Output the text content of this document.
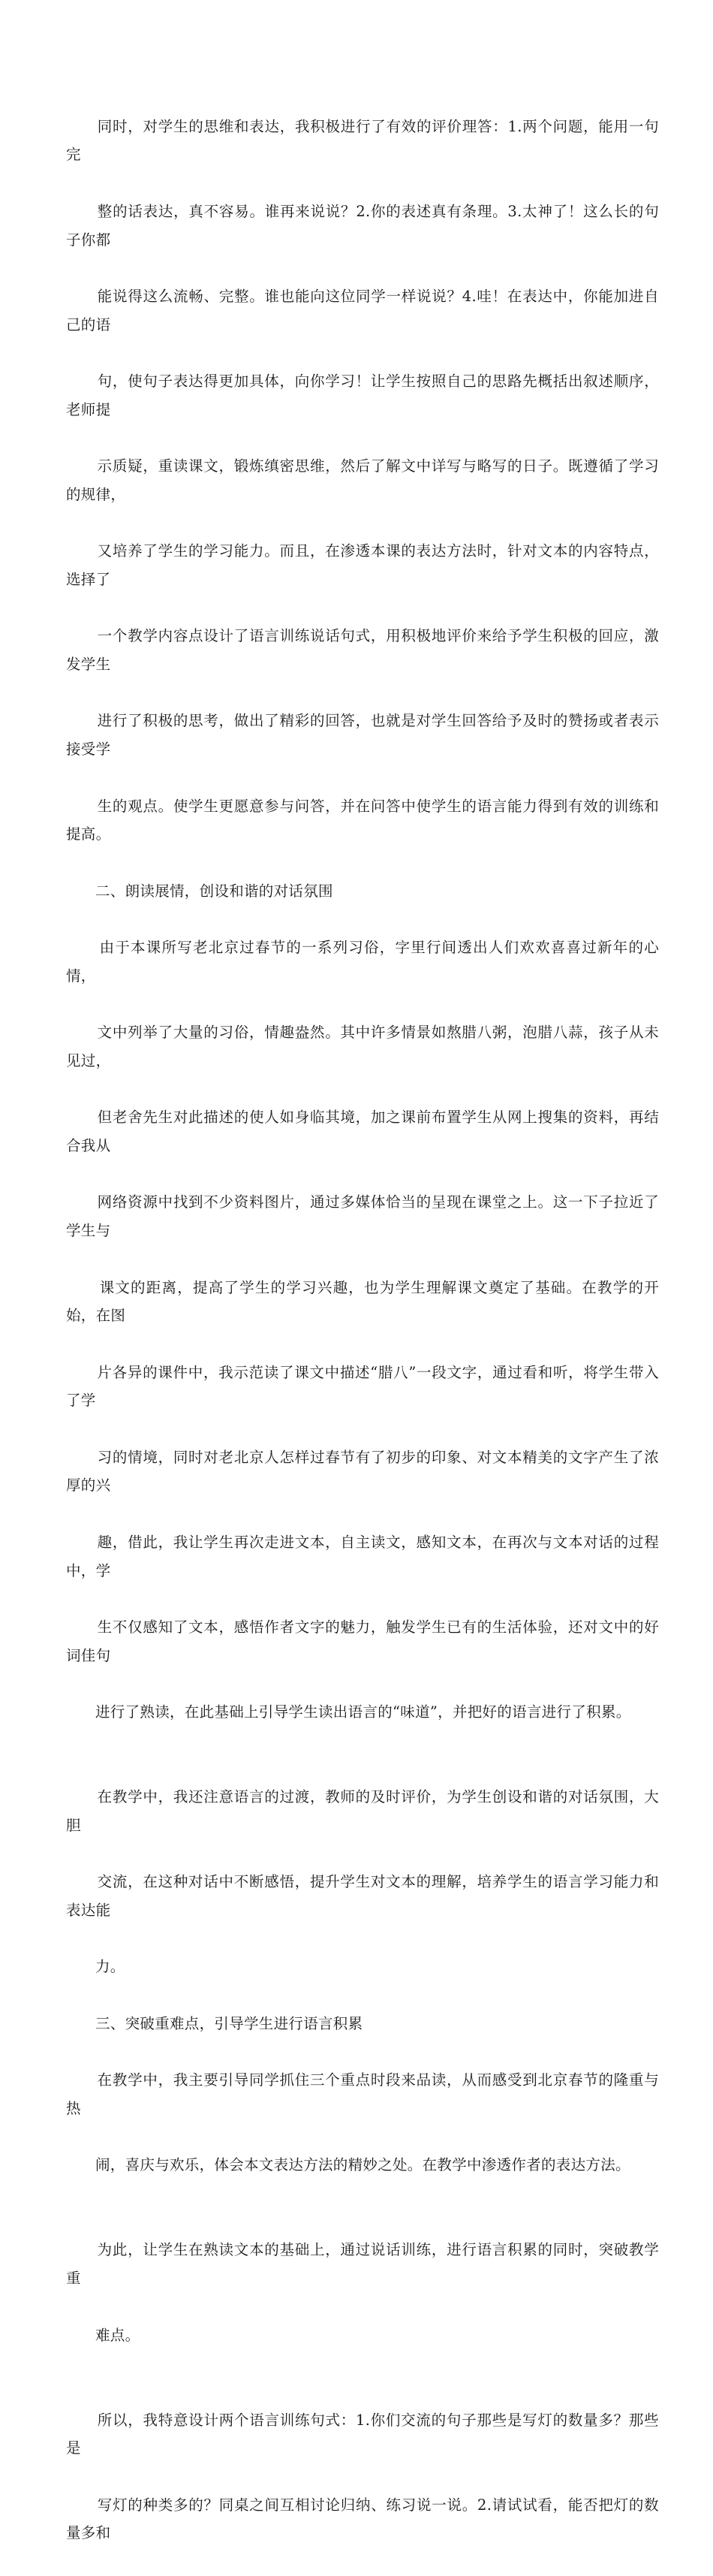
同时，对学生的思维和表达，我积极进行了有效的评价理答：1.两个问题，能用一句完

整的话表达，真不容易。谁再来说说？2.你的表述真有条理。3.太神了！这么长的句子你都

能说得这么流畅、完整。谁也能向这位同学一样说说？4.哇！在表达中，你能加进自己的语

句，使句子表达得更加具体，向你学习！让学生按照自己的思路先概括出叙述顺序，老师提

示质疑，重读课文，锻炼缜密思维，然后了解文中详写与略写的日子。既遵循了学习的规律，

又培养了学生的学习能力。而且，在渗透本课的表达方法时，针对文本的内容特点，选择了

一个教学内容点设计了语言训练说话句式，用积极地评价来给予学生积极的回应，激发学生

进行了积极的思考，做出了精彩的回答，也就是对学生回答给予及时的赞扬或者表示接受学

生的观点。使学生更愿意参与问答，并在问答中使学生的语言能力得到有效的训练和提高。

二、朗读展情，创设和谐的对话氛围

由于本课所写老北京过春节的一系列习俗，字里行间透出人们欢欢喜喜过新年的心情，

文中列举了大量的习俗，情趣盎然。其中许多情景如熬腊八粥，泡腊八蒜，孩子从未见过，

但老舍先生对此描述的使人如身临其境，加之课前布置学生从网上搜集的资料，再结合我从

网络资源中找到不少资料图片，通过多媒体恰当的呈现在课堂之上。这一下子拉近了学生与

课文的距离，提高了学生的学习兴趣，也为学生理解课文奠定了基础。在教学的开始，在图

片各异的课件中，我示范读了课文中描述“腊八”一段文字，通过看和听，将学生带入了学

习的情境，同时对老北京人怎样过春节有了初步的印象、对文本精美的文字产生了浓厚的兴

趣，借此，我让学生再次走进文本，自主读文，感知文本，在再次与文本对话的过程中，学

生不仅感知了文本，感悟作者文字的魅力，触发学生已有的生活体验，还对文中的好词佳句

进行了熟读，在此基础上引导学生读出语言的“味道”，并把好的语言进行了积累。

在教学中，我还注意语言的过渡，教师的及时评价，为学生创设和谐的对话氛围，大胆

交流，在这种对话中不断感悟，提升学生对文本的理解，培养学生的语言学习能力和表达能

力。

三、突破重难点，引导学生进行语言积累

在教学中，我主要引导同学抓住三个重点时段来品读，从而感受到北京春节的隆重与热

闹，喜庆与欢乐，体会本文表达方法的精妙之处。在教学中渗透作者的表达方法。

为此，让学生在熟读文本的基础上，通过说话训练，进行语言积累的同时，突破教学重

难点。

所以，我特意设计两个语言训练句式：1.你们交流的句子那些是写灯的数量多？那些是

写灯的种类多的？同桌之间互相讨论归纳、练习说一说。2.请试试看，能否把灯的数量多和
